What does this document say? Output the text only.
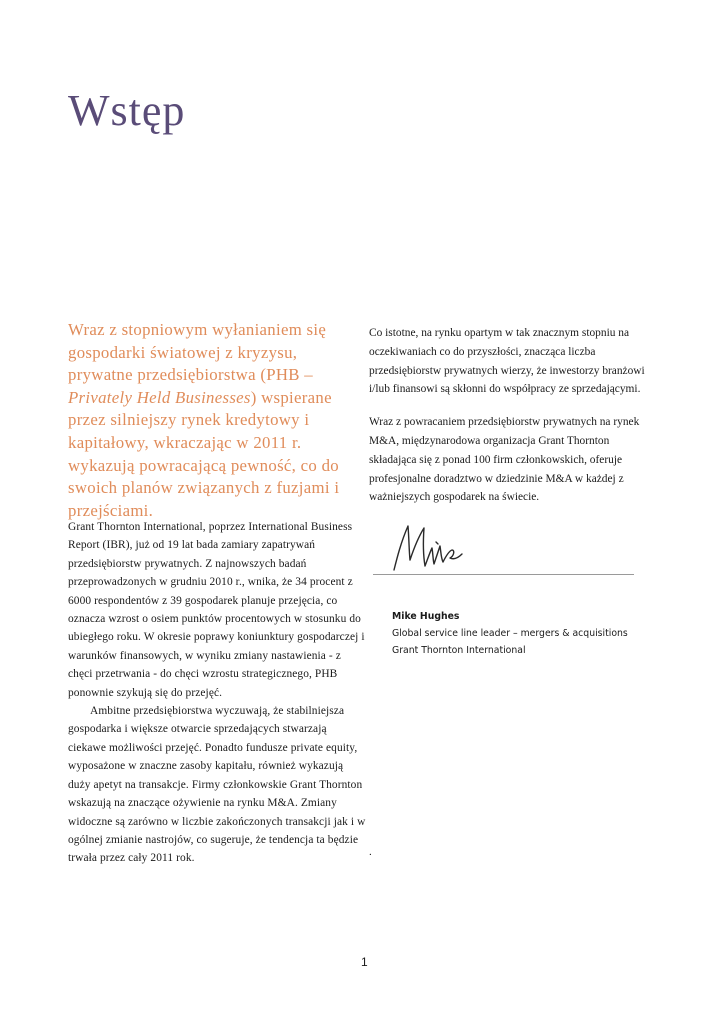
Wstęp

Wraz z stopniowym wyłanianiem się gospodarki światowej z kryzysu, prywatne przedsiębiorstwa (PHB – Privately Held Businesses) wspierane przez silniejszy rynek kredytowy i kapitałowy, wkraczając w 2011 r. wykazują powracającą pewność, co do swoich planów związanych z fuzjami i przejściami.

Grant Thornton International, poprzez International Business Report (IBR), już od 19 lat bada zamiary zapatrywań przedsiębiorstw prywatnych. Z najnowszych badań przeprowadzonych w grudniu 2010 r., wnika, że 34 procent z 6000 respondentów z 39 gospodarek planuje przejęcia, co oznacza wzrost o osiem punktów procentowych w stosunku do ubiegłego roku. W okresie poprawy koniunktury gospodarczej i warunków finansowych, w wyniku zmiany nastawienia - z chęci przetrwania - do chęci wzrostu strategicznego, PHB ponownie szykują się do przejęć.

Ambitne przedsiębiorstwa wyczuwają, że stabilniejsza gospodarka i większe otwarcie sprzedających stwarzają ciekawe możliwości przejęć. Ponadto fundusze private equity, wyposażone w znaczne zasoby kapitału, również wykazują duży apetyt na transakcje. Firmy członkowskie Grant Thornton wskazują na znaczące ożywienie na rynku M&A. Zmiany widoczne są zarówno w liczbie zakończonych transakcji jak i w ogólnej zmianie nastrojów, co sugeruje, że tendencja ta będzie trwała przez cały 2011 rok.

Co istotne, na rynku opartym w tak znacznym stopniu na oczekiwaniach co do przyszłości, znacząca liczba przedsiębiorstw prywatnych wierzy, że inwestorzy branżowi i/lub finansowi są skłonni do współpracy ze sprzedającymi.

Wraz z powracaniem przedsiębiorstw prywatnych na rynek M&A, międzynarodowa organizacja Grant Thornton składająca się z ponad 100 firm członkowskich, oferuje profesjonalne doradztwo w dziedzinie M&A w każdej z ważniejszych gospodarek na świecie.

Mike Hughes
Global service line leader – mergers & acquisitions
Grant Thornton International
.
1
